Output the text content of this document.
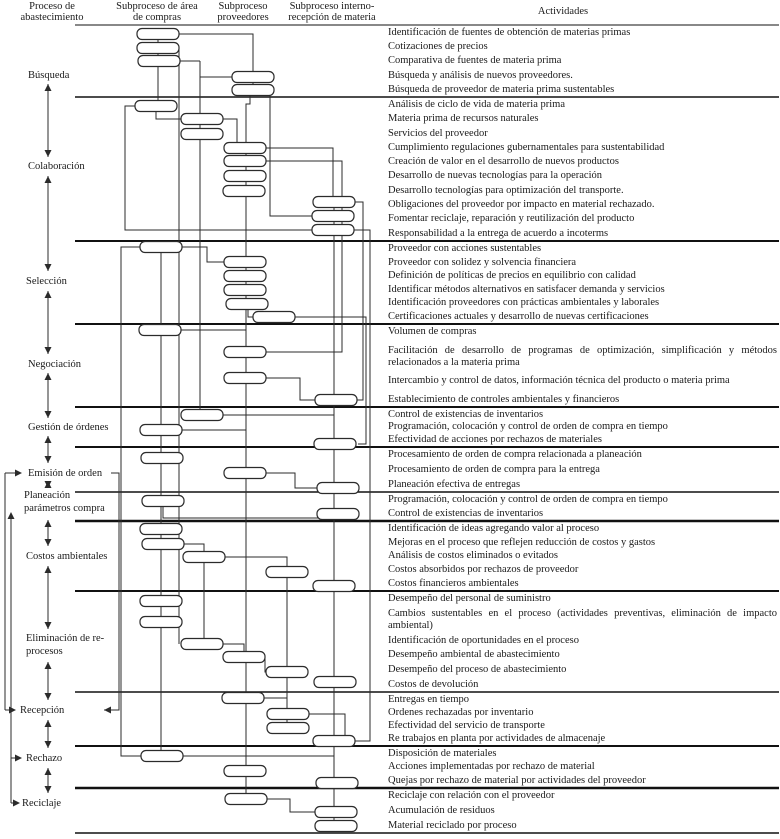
Proceso de abastecimiento
Subproceso de área de compras
Subproceso proveedores
Subproceso interno-recepción de materia
Actividades
Búsqueda
Colaboración
Selección
Negociación
Gestión de órdenes
Emisión de orden
Planeación
parámetros compra
Costos ambientales
Eliminación de re-
procesos
Recepción
Rechazo
Reciclaje
Identificación de fuentes de obtención de materias primas
Cotizaciones de precios
Comparativa de fuentes de materia prima
Búsqueda y análisis de nuevos proveedores.
Búsqueda de proveedor de materia prima sustentables
Análisis de ciclo de vida de materia prima
Materia prima de recursos naturales
Servicios del proveedor
Cumplimiento regulaciones gubernamentales para sustentabilidad
Creación de valor en el desarrollo de nuevos productos
Desarrollo de nuevas tecnologías para la operación
Desarrollo tecnologías para optimización del transporte.
Obligaciones del proveedor por impacto en material rechazado.
Fomentar reciclaje, reparación y reutilización del producto
Responsabilidad a la entrega de acuerdo a incoterms
Proveedor con acciones sustentables
Proveedor con solidez y solvencia financiera
Definición de políticas de precios en equilibrio con calidad
Identificar métodos alternativos en satisfacer demanda y servicios
Identificación proveedores con prácticas ambientales y laborales
Certificaciones actuales y desarrollo de nuevas certificaciones
Volumen de compras
Facilitación de desarrollo de programas de optimización, simplificación y métodos relacionados a la materia prima
Intercambio y control de datos, información técnica del producto o materia prima
Establecimiento de controles ambientales y financieros
Control de existencias de inventarios
Programación, colocación y control de orden de compra en tiempo
Efectividad de acciones por rechazos de materiales
Procesamiento de orden de compra relacionada a planeación
Procesamiento de orden de compra para la entrega
Planeación efectiva de entregas
Programación, colocación y control de orden de compra en tiempo
Control de existencias de inventarios
Identificación de ideas agregando valor al proceso
Mejoras en el proceso que reflejen reducción de costos y gastos
Análisis de costos eliminados o evitados
Costos absorbidos por rechazos de proveedor
Costos financieros ambientales
Desempeño del personal de suministro
Cambios sustentables en el proceso (actividades preventivas, eliminación de impacto ambiental)
Identificación de oportunidades en el proceso
Desempeño ambiental de abastecimiento
Desempeño del proceso de abastecimiento
Costos de devolución
Entregas en tiempo
Ordenes rechazadas por inventario
Efectividad del servicio de transporte
Re trabajos en planta por actividades de almacenaje
Disposición de materiales
Acciones implementadas por rechazo de material
Quejas por rechazo de material por actividades del proveedor
Reciclaje con relación con el proveedor
Acumulación de residuos
Material reciclado por proceso
